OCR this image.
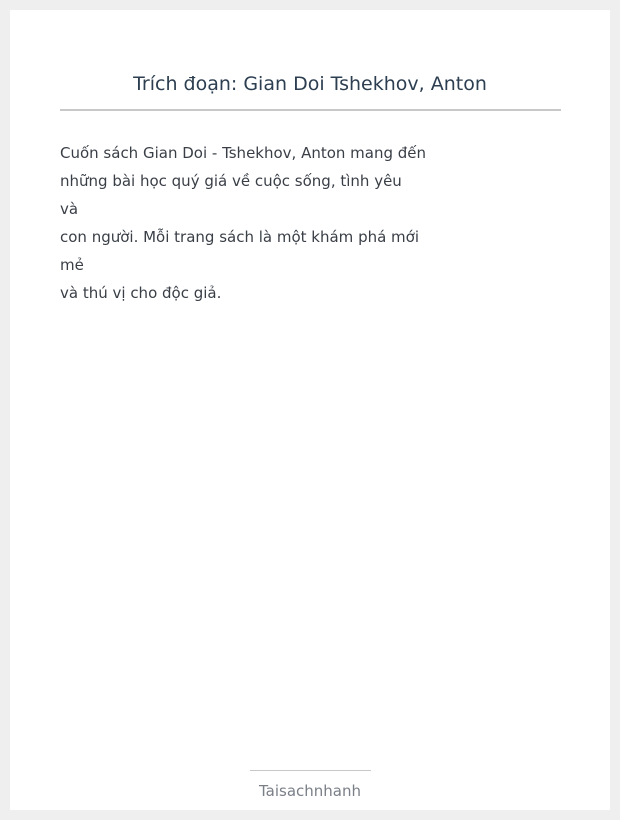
Trích đoạn: Gian Doi Tshekhov, Anton

Cuốn sách Gian Doi - Tshekhov, Anton mang đến
những bài học quý giá về cuộc sống, tình yêu
và
con người. Mỗi trang sách là một khám phá mới
mẻ
và thú vị cho độc giả.

Taisachnhanh
